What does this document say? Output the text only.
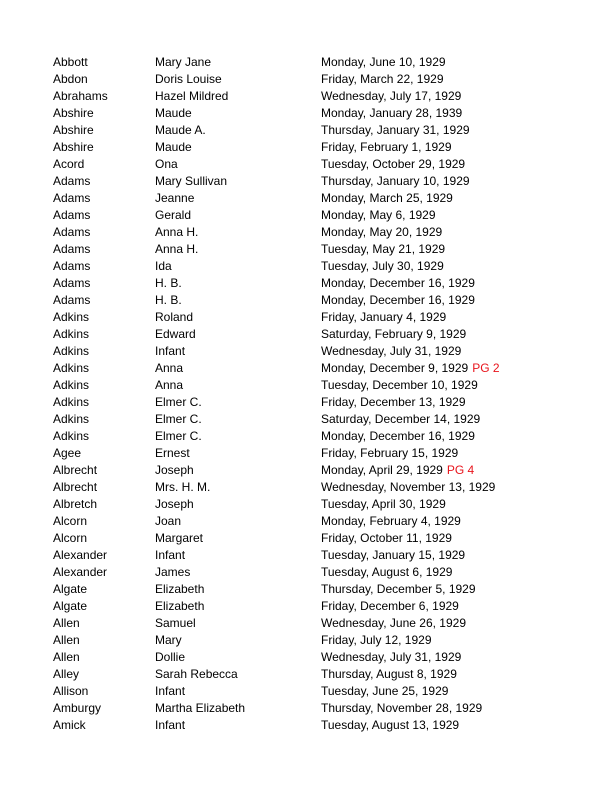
Abbott	Mary Jane	Monday, June 10, 1929
Abdon	Doris Louise	Friday, March 22, 1929
Abrahams	Hazel Mildred	Wednesday, July 17, 1929
Abshire	Maude	Monday, January 28, 1939
Abshire	Maude A.	Thursday, January 31, 1929
Abshire	Maude	Friday, February 1, 1929
Acord	Ona	Tuesday, October 29, 1929
Adams	Mary Sullivan	Thursday, January 10, 1929
Adams	Jeanne	Monday, March 25, 1929
Adams	Gerald	Monday, May 6, 1929
Adams	Anna H.	Monday, May 20, 1929
Adams	Anna H.	Tuesday, May 21, 1929
Adams	Ida	Tuesday, July 30, 1929
Adams	H. B.	Monday, December 16, 1929
Adams	H. B.	Monday, December 16, 1929
Adkins	Roland	Friday, January 4, 1929
Adkins	Edward	Saturday, February 9, 1929
Adkins	Infant	Wednesday, July 31, 1929
Adkins	Anna	Monday, December 9, 1929 PG 2
Adkins	Anna	Tuesday, December 10, 1929
Adkins	Elmer C.	Friday, December 13, 1929
Adkins	Elmer C.	Saturday, December 14, 1929
Adkins	Elmer C.	Monday, December 16, 1929
Agee	Ernest	Friday, February 15, 1929
Albrecht	Joseph	Monday, April 29, 1929 PG 4
Albrecht	Mrs. H. M.	Wednesday, November 13, 1929
Albretch	Joseph	Tuesday, April 30, 1929
Alcorn	Joan	Monday, February 4, 1929
Alcorn	Margaret	Friday, October 11, 1929
Alexander	Infant	Tuesday, January 15, 1929
Alexander	James	Tuesday, August 6, 1929
Algate	Elizabeth	Thursday, December 5, 1929
Algate	Elizabeth	Friday, December 6, 1929
Allen	Samuel	Wednesday, June 26, 1929
Allen	Mary	Friday, July 12, 1929
Allen	Dollie	Wednesday, July 31, 1929
Alley	Sarah Rebecca	Thursday, August 8, 1929
Allison	Infant	Tuesday, June 25, 1929
Amburgy	Martha Elizabeth	Thursday, November 28, 1929
Amick	Infant	Tuesday, August 13, 1929
